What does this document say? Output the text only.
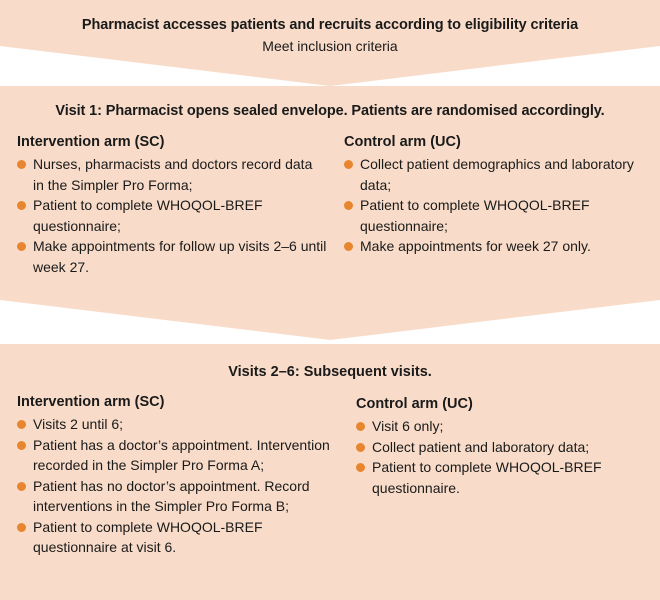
Pharmacist accesses patients and recruits according to eligibility criteria
Meet inclusion criteria
Visit 1: Pharmacist opens sealed envelope. Patients are randomised accordingly.
Intervention arm (SC)
Nurses, pharmacists and doctors record data in the Simpler Pro Forma;
Patient to complete WHOQOL-BREF questionnaire;
Make appointments for follow up visits 2–6 until week 27.
Control arm (UC)
Collect patient demographics and laboratory data;
Patient to complete WHOQOL-BREF questionnaire;
Make appointments for week 27 only.
Visits 2–6: Subsequent visits.
Intervention arm (SC)
Visits 2 until 6;
Patient has a doctor’s appointment. Intervention recorded in the Simpler Pro Forma A;
Patient has no doctor’s appointment. Record interventions in the Simpler Pro Forma B;
Patient to complete WHOQOL-BREF questionnaire at visit 6.
Control arm (UC)
Visit 6 only;
Collect patient and laboratory data;
Patient to complete WHOQOL-BREF questionnaire.
